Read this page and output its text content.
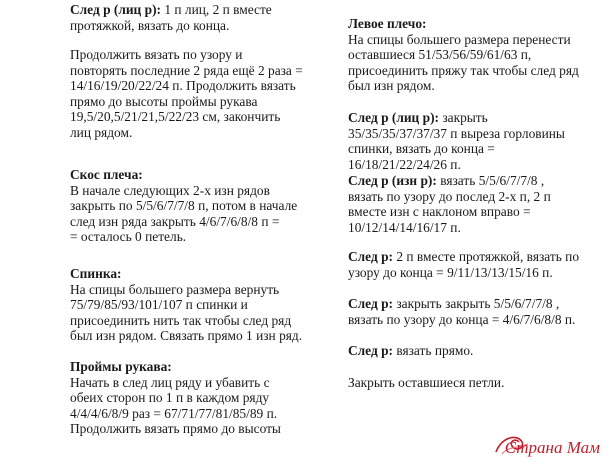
След р (лиц р): 1 п лиц, 2 п вместе
протяжкой, вязать до конца.
Продолжить вязать по узору и
повторять последние 2 ряда ещё 2 раза =
14/16/19/20/22/24 п. Продолжить вязать
прямо до высоты проймы рукава
19,5/20,5/21/21,5/22/23 см, закончить
лиц рядом.
Скос плеча:
В начале следующих 2-х изн рядов
закрыть по 5/5/6/7/7/8 п, потом в начале
след изн ряда закрыть 4/6/7/6/8/8 п =
= осталось 0 петель.
Спинка:
На спицы большего размера вернуть
75/79/85/93/101/107 п спинки и
присоединить нить так чтобы след ряд
был изн рядом. Связать прямо 1 изн ряд.
Проймы рукава:
Начать в след лиц ряду и убавить с
обеих сторон по 1 п в каждом ряду
4/4/4/6/8/9 раз = 67/71/77/81/85/89 п.
Продолжить вязать прямо до высоты
Левое плечо:
На спицы большего размера перенести
оставшиеся 51/53/56/59/61/63 п,
присоединить пряжу так чтобы след ряд
был изн рядом.
След р (лиц р): закрыть
35/35/35/37/37/37 п выреза горловины
спинки, вязать до конца =
16/18/21/22/24/26 п.
След р (изн р): вязать 5/5/6/7/7/8 ,
вязать по узору до послед 2-х п, 2 п
вместе изн с наклоном вправо =
10/12/14/14/16/17 п.
След р: 2 п вместе протяжкой, вязать по
узору до конца = 9/11/13/13/15/16 п.
След р: закрыть закрыть 5/5/6/7/7/8 ,
вязать по узору до конца = 4/6/7/6/8/8 п.
След р: вязать прямо.
Закрыть оставшиеся петли.
Страна Мам
